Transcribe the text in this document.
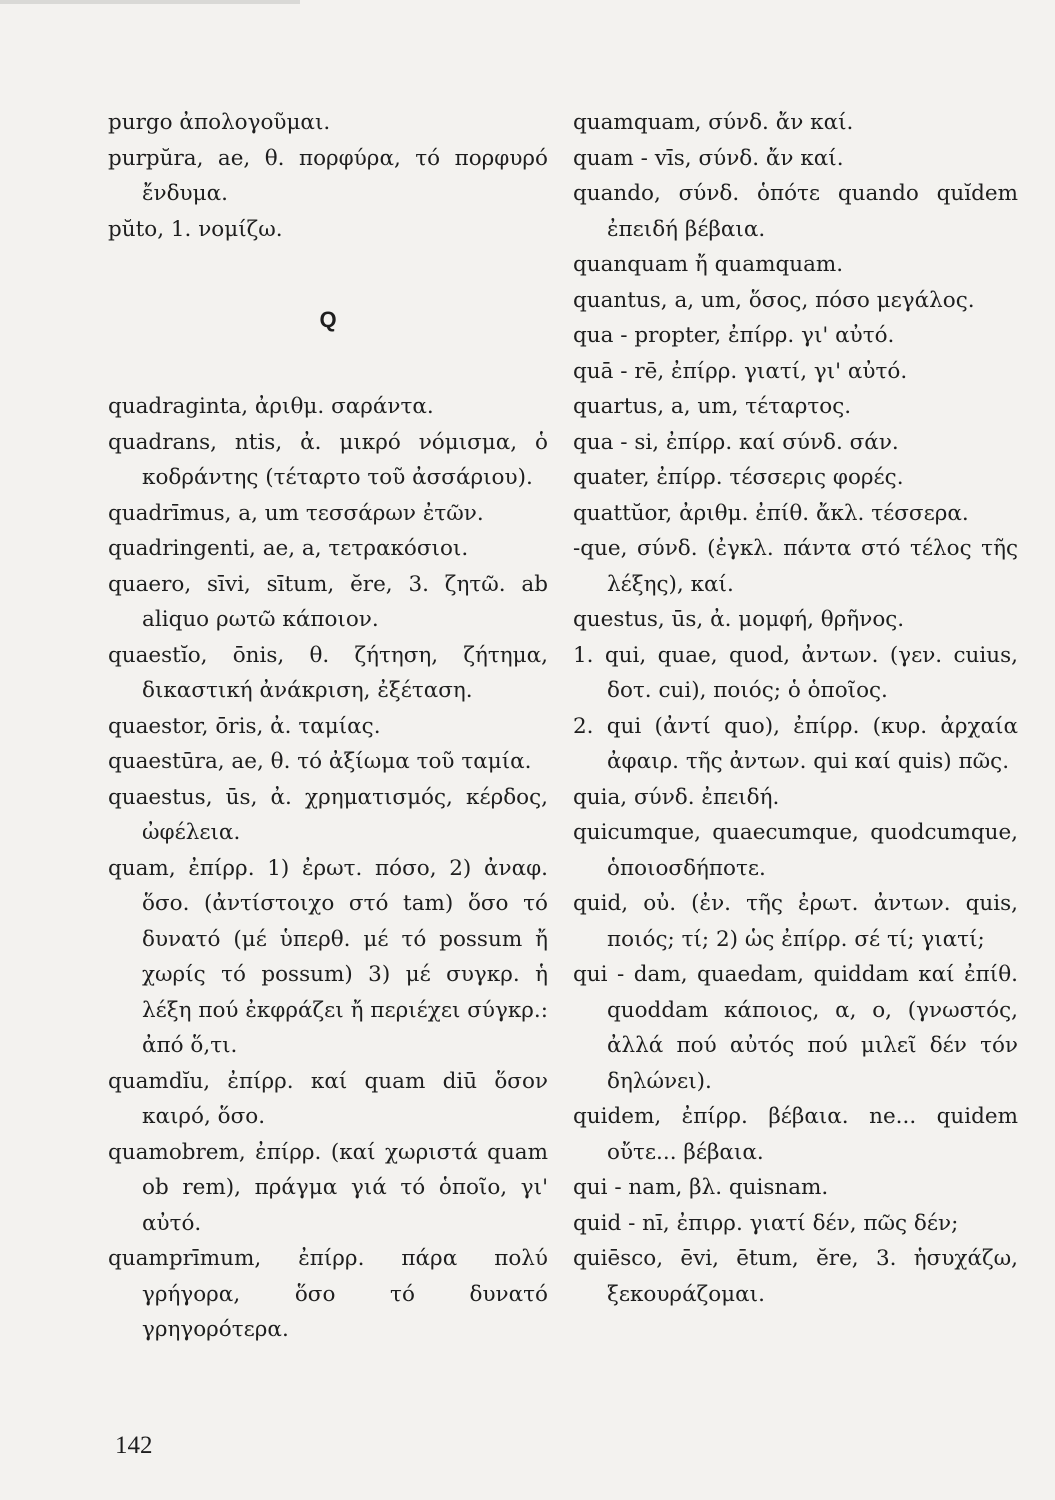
purgo ἀπολογοῦμαι.

purpŭra, ae, θ. πορφύρα, τό πορφυρό ἔνδυμα.

pŭto, 1. νομίζω.

Q

quadraginta, ἀριθμ. σαράντα.

quadrans, ntis, ἀ. μικρό νόμισμα, ὁ κοδράντης (τέταρτο τοῦ ἀσσάριου).

quadrīmus, a, um τεσσάρων ἐτῶν.

quadringenti, ae, a, τετρακόσιοι.

quaero, sīvi, sītum, ĕre, 3. ζητῶ. ab aliquo ρωτῶ κάποιον.

quaestĭo, ōnis, θ. ζήτηση, ζήτημα, δικαστική ἀνάκριση, ἐξέταση.

quaestor, ōris, ἀ. ταμίας.

quaestūra, ae, θ. τό ἀξίωμα τοῦ ταμία.

quaestus, ūs, ἀ. χρηματισμός, κέρδος, ὠφέλεια.

quam, ἐπίρρ. 1) ἐρωτ. πόσο, 2) ἀναφ. ὅσο. (ἀντίστοιχο στό tam) ὅσο τό δυνατό (μέ ὑπερθ. μέ τό possum ἤ χωρίς τό possum) 3) μέ συγκρ. ἡ λέξη πού ἐκφράζει ἤ περιέχει σύγκρ.: ἀπό ὅ,τι.

quamdĭu, ἐπίρρ. καί quam diū ὅσον καιρό, ὅσο.

quamobrem, ἐπίρρ. (καί χωριστά quam ob rem), πράγμα γιά τό ὁποῖο, γι' αὐτό.

quamprīmum, ἐπίρρ. πάρα πολύ γρήγορα, ὅσο τό δυνατό γρηγορότερα.

quamquam, σύνδ. ἄν καί.

quam - vīs, σύνδ. ἄν καί.

quando, σύνδ. ὁπότε quando quĭdem ἐπειδή βέβαια.

quanquam ἤ quamquam.

quantus, a, um, ὅσος, πόσο μεγάλος.

qua - propter, ἐπίρρ. γι' αὐτό.

quā - rē, ἐπίρρ. γιατί, γι' αὐτό.

quartus, a, um, τέταρτος.

qua - si, ἐπίρρ. καί σύνδ. σάν.

quater, ἐπίρρ. τέσσερις φορές.

quattŭor, ἀριθμ. ἐπίθ. ἄκλ. τέσσερα.

-que, σύνδ. (ἐγκλ. πάντα στό τέλος τῆς λέξης), καί.

questus, ūs, ἀ. μομφή, θρῆνος.

1. qui, quae, quod, ἀντων. (γεν. cuius, δοτ. cui), ποιός; ὁ ὁποῖος.

2. qui (ἀντί quo), ἐπίρρ. (κυρ. ἀρχαία ἀφαιρ. τῆς ἀντων. qui καί quis) πῶς.

quia, σύνδ. ἐπειδή.

quicumque, quaecumque, quodcumque, ὁποιοσδήποτε.

quid, οὐ. (ἐν. τῆς ἐρωτ. ἀντων. quis, ποιός; τί; 2) ὡς ἐπίρρ. σέ τί; γιατί;

qui - dam, quaedam, quiddam καί ἐπίθ. quoddam κάποιος, α, ο, (γνωστός, ἀλλά πού αὐτός πού μιλεῖ δέν τόν δηλώνει).

quidem, ἐπίρρ. βέβαια. ne... quidem οὔτε... βέβαια.

qui - nam, βλ. quisnam.

quid - nī, ἐπιρρ. γιατί δέν, πῶς δέν;

quiēsco, ēvi, ētum, ĕre, 3. ἡσυχάζω, ξεκουράζομαι.

142
